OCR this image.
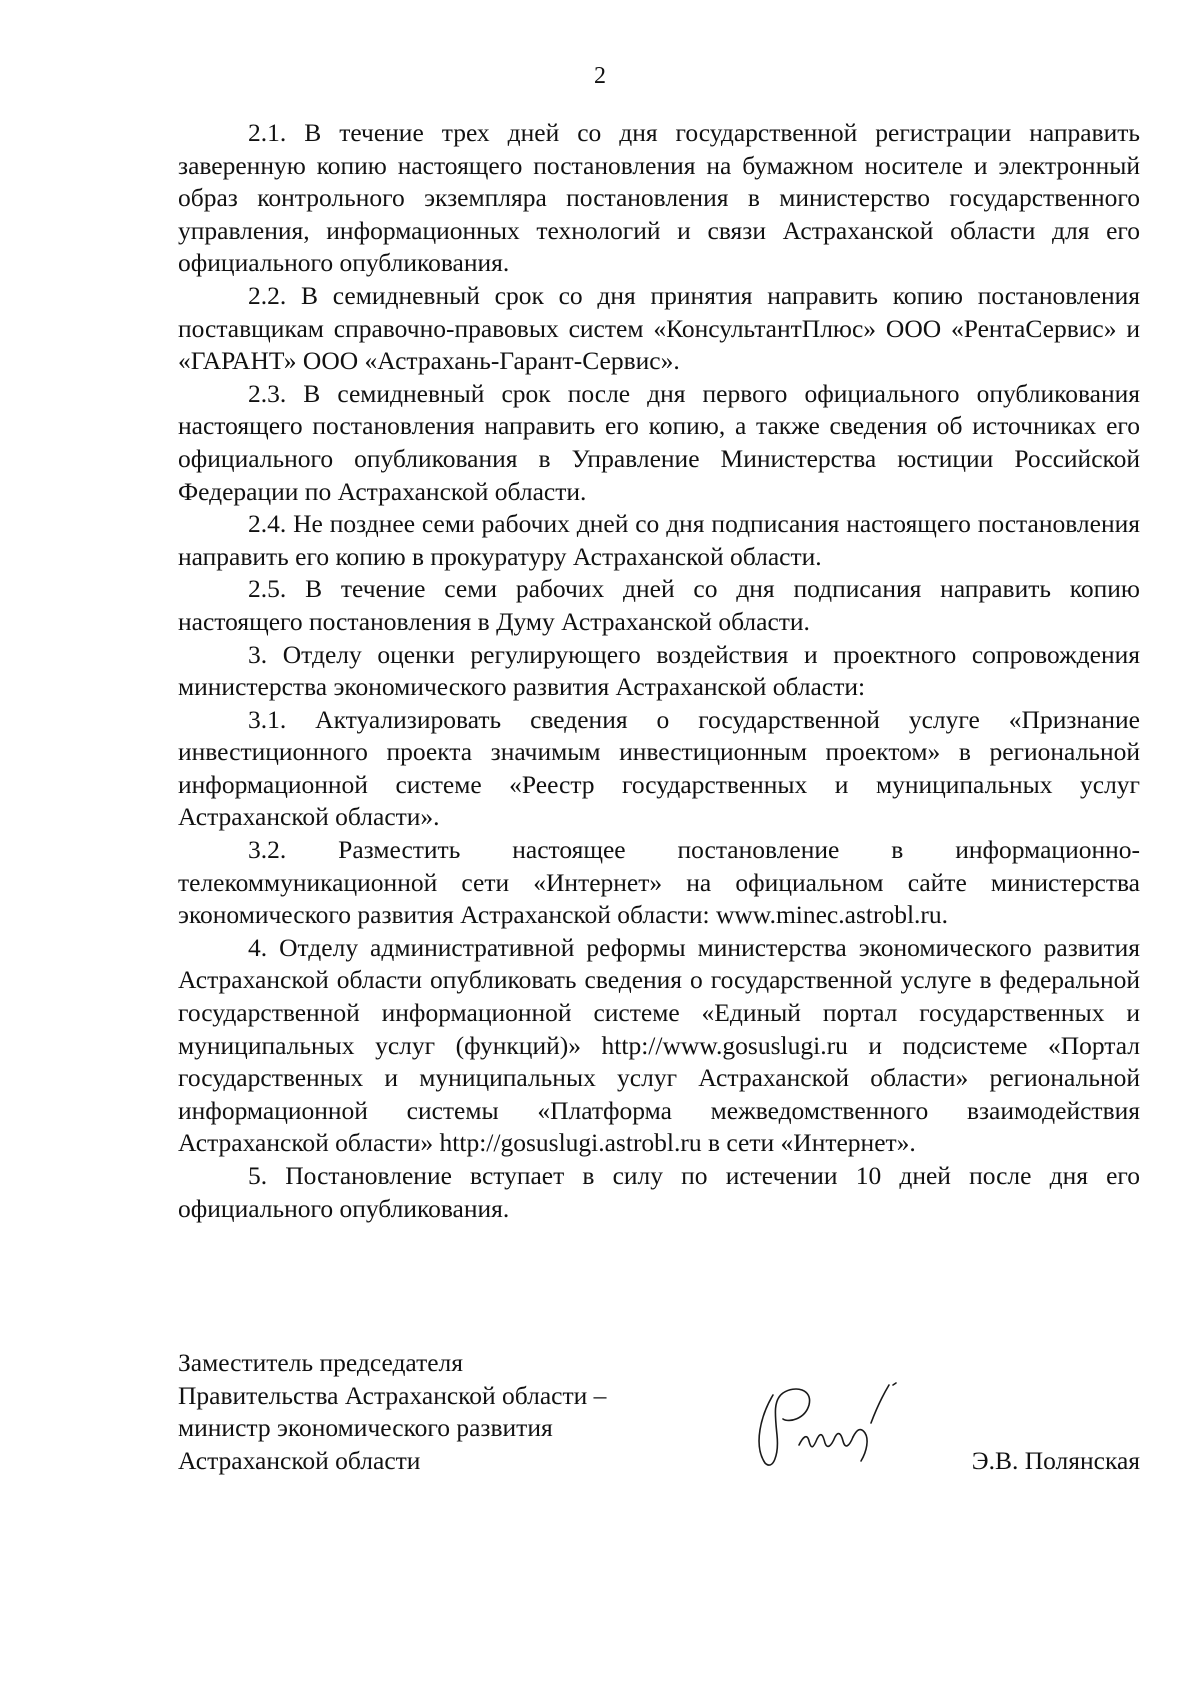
2

2.1. В течение трех дней со дня государственной регистрации направить заверенную копию настоящего постановления на бумажном носителе и электронный образ контрольного экземпляра постановления в министерство государственного управления, информационных технологий и связи Астраханской области для его официального опубликования.

2.2. В семидневный срок со дня принятия направить копию постановления поставщикам справочно-правовых систем «КонсультантПлюс» ООО «РентаСервис» и «ГАРАНТ» ООО «Астрахань-Гарант-Сервис».

2.3. В семидневный срок после дня первого официального опубликования настоящего постановления направить его копию, а также сведения об источниках его официального опубликования в Управление Министерства юстиции Российской Федерации по Астраханской области.

2.4. Не позднее семи рабочих дней со дня подписания настоящего постановления направить его копию в прокуратуру Астраханской области.

2.5. В течение семи рабочих дней со дня подписания направить копию настоящего постановления в Думу Астраханской области.

3. Отделу оценки регулирующего воздействия и проектного сопровождения министерства экономического развития Астраханской области:

3.1. Актуализировать сведения о государственной услуге «Признание инвестиционного проекта значимым инвестиционным проектом» в региональной информационной системе «Реестр государственных и муниципальных услуг Астраханской области».

3.2. Разместить настоящее постановление в информационно-телекоммуникационной сети «Интернет» на официальном сайте министерства экономического развития Астраханской области: www.minec.astrobl.ru.

4. Отделу административной реформы министерства экономического развития Астраханской области опубликовать сведения о государственной услуге в федеральной государственной информационной системе «Единый портал государственных и муниципальных услуг (функций)» http://www.gosuslugi.ru и подсистеме «Портал государственных и муниципальных услуг Астраханской области» региональной информационной системы «Платформа межведомственного взаимодействия Астраханской области» http://gosuslugi.astrobl.ru в сети «Интернет».

5. Постановление вступает в силу по истечении 10 дней после дня его официального опубликования.

Заместитель председателя
Правительства Астраханской области –
министр экономического развития
Астраханской области	Э.В. Полянская
